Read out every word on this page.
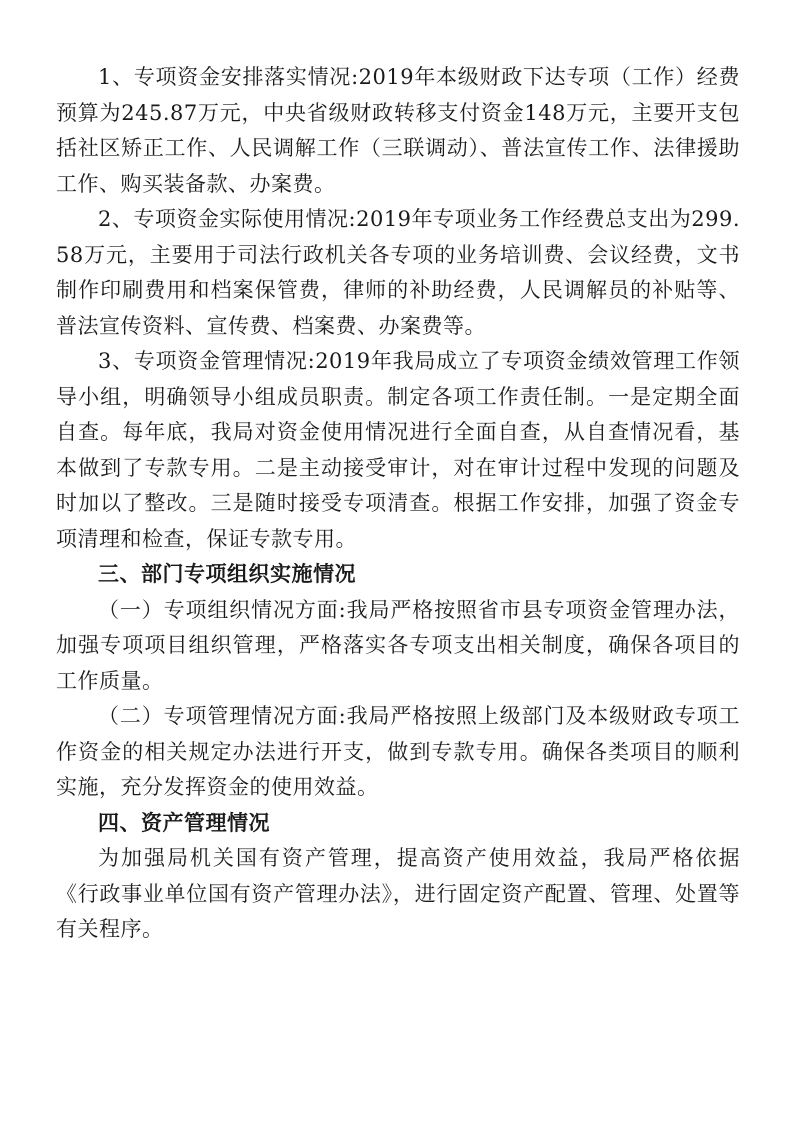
1、专项资金安排落实情况:2019年本级财政下达专项（工作）经费预算为245.87万元，中央省级财政转移支付资金148万元，主要开支包括社区矫正工作、人民调解工作（三联调动）、普法宣传工作、法律援助工作、购买装备款、办案费。

2、专项资金实际使用情况:2019年专项业务工作经费总支出为299.58万元，主要用于司法行政机关各专项的业务培训费、会议经费，文书制作印刷费用和档案保管费，律师的补助经费，人民调解员的补贴等、普法宣传资料、宣传费、档案费、办案费等。

3、专项资金管理情况:2019年我局成立了专项资金绩效管理工作领导小组，明确领导小组成员职责。制定各项工作责任制。一是定期全面自查。每年底，我局对资金使用情况进行全面自查，从自查情况看，基本做到了专款专用。二是主动接受审计，对在审计过程中发现的问题及时加以了整改。三是随时接受专项清查。根据工作安排，加强了资金专项清理和检查，保证专款专用。

三、部门专项组织实施情况

（一）专项组织情况方面:我局严格按照省市县专项资金管理办法，加强专项项目组织管理，严格落实各专项支出相关制度，确保各项目的工作质量。

（二）专项管理情况方面:我局严格按照上级部门及本级财政专项工作资金的相关规定办法进行开支，做到专款专用。确保各类项目的顺利实施，充分发挥资金的使用效益。

四、资产管理情况

为加强局机关国有资产管理，提高资产使用效益，我局严格依据《行政事业单位国有资产管理办法》，进行固定资产配置、管理、处置等有关程序。
